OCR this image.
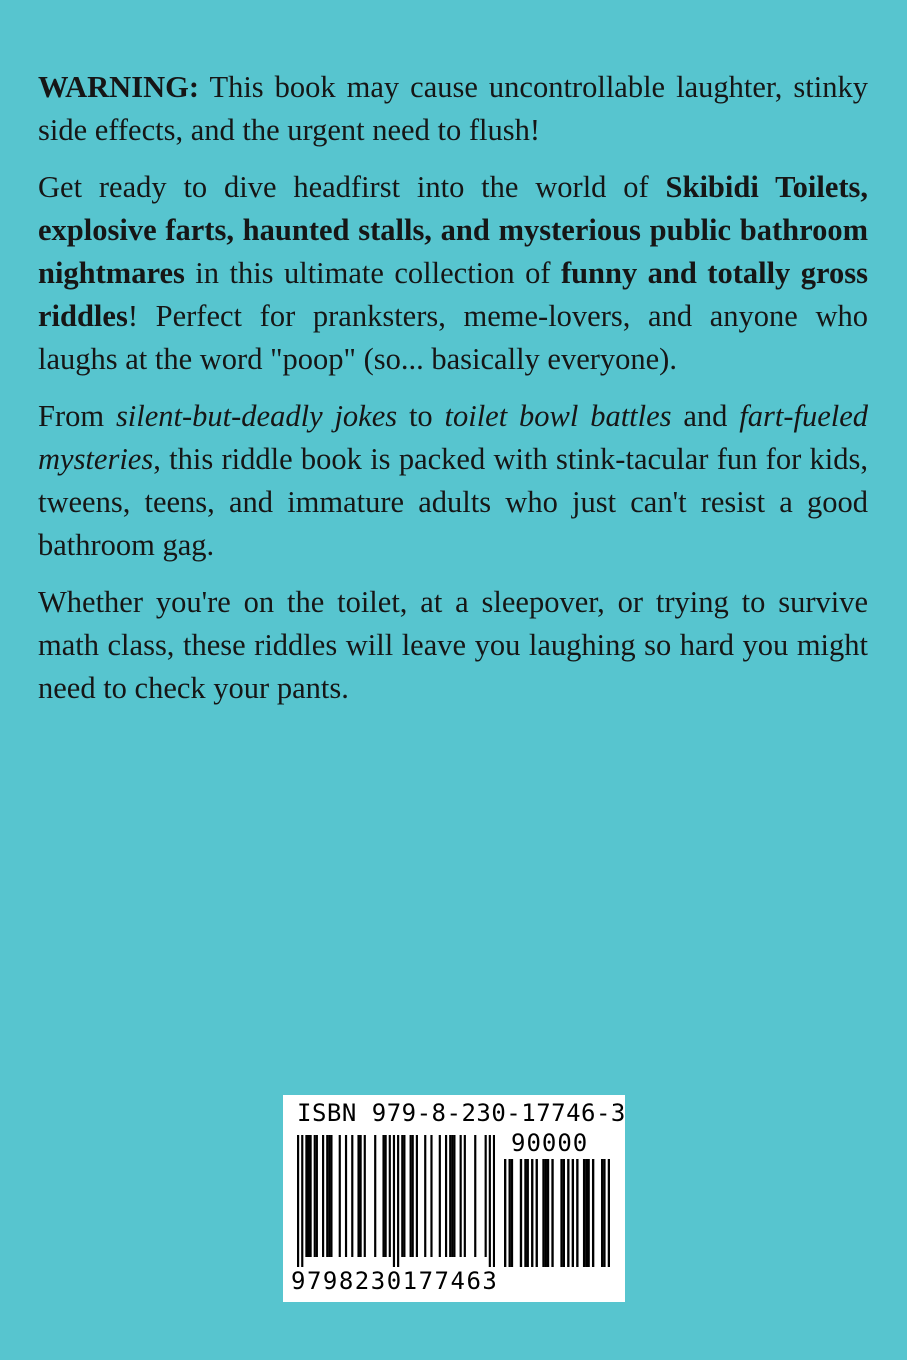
WARNING: This book may cause uncontrollable laughter, stinky side effects, and the urgent need to flush!

Get ready to dive headfirst into the world of Skibidi Toilets, explosive farts, haunted stalls, and mysterious public bathroom nightmares in this ultimate collection of funny and totally gross riddles! Perfect for pranksters, meme-lovers, and anyone who laughs at the word "poop" (so... basically everyone).

From silent-but-deadly jokes to toilet bowl battles and fart-fueled mysteries, this riddle book is packed with stink-tacular fun for kids, tweens, teens, and immature adults who just can't resist a good bathroom gag.

Whether you're on the toilet, at a sleepover, or trying to survive math class, these riddles will leave you laughing so hard you might need to check your pants.

ISBN 979-8-230-17746-3
90000
9798230177463
